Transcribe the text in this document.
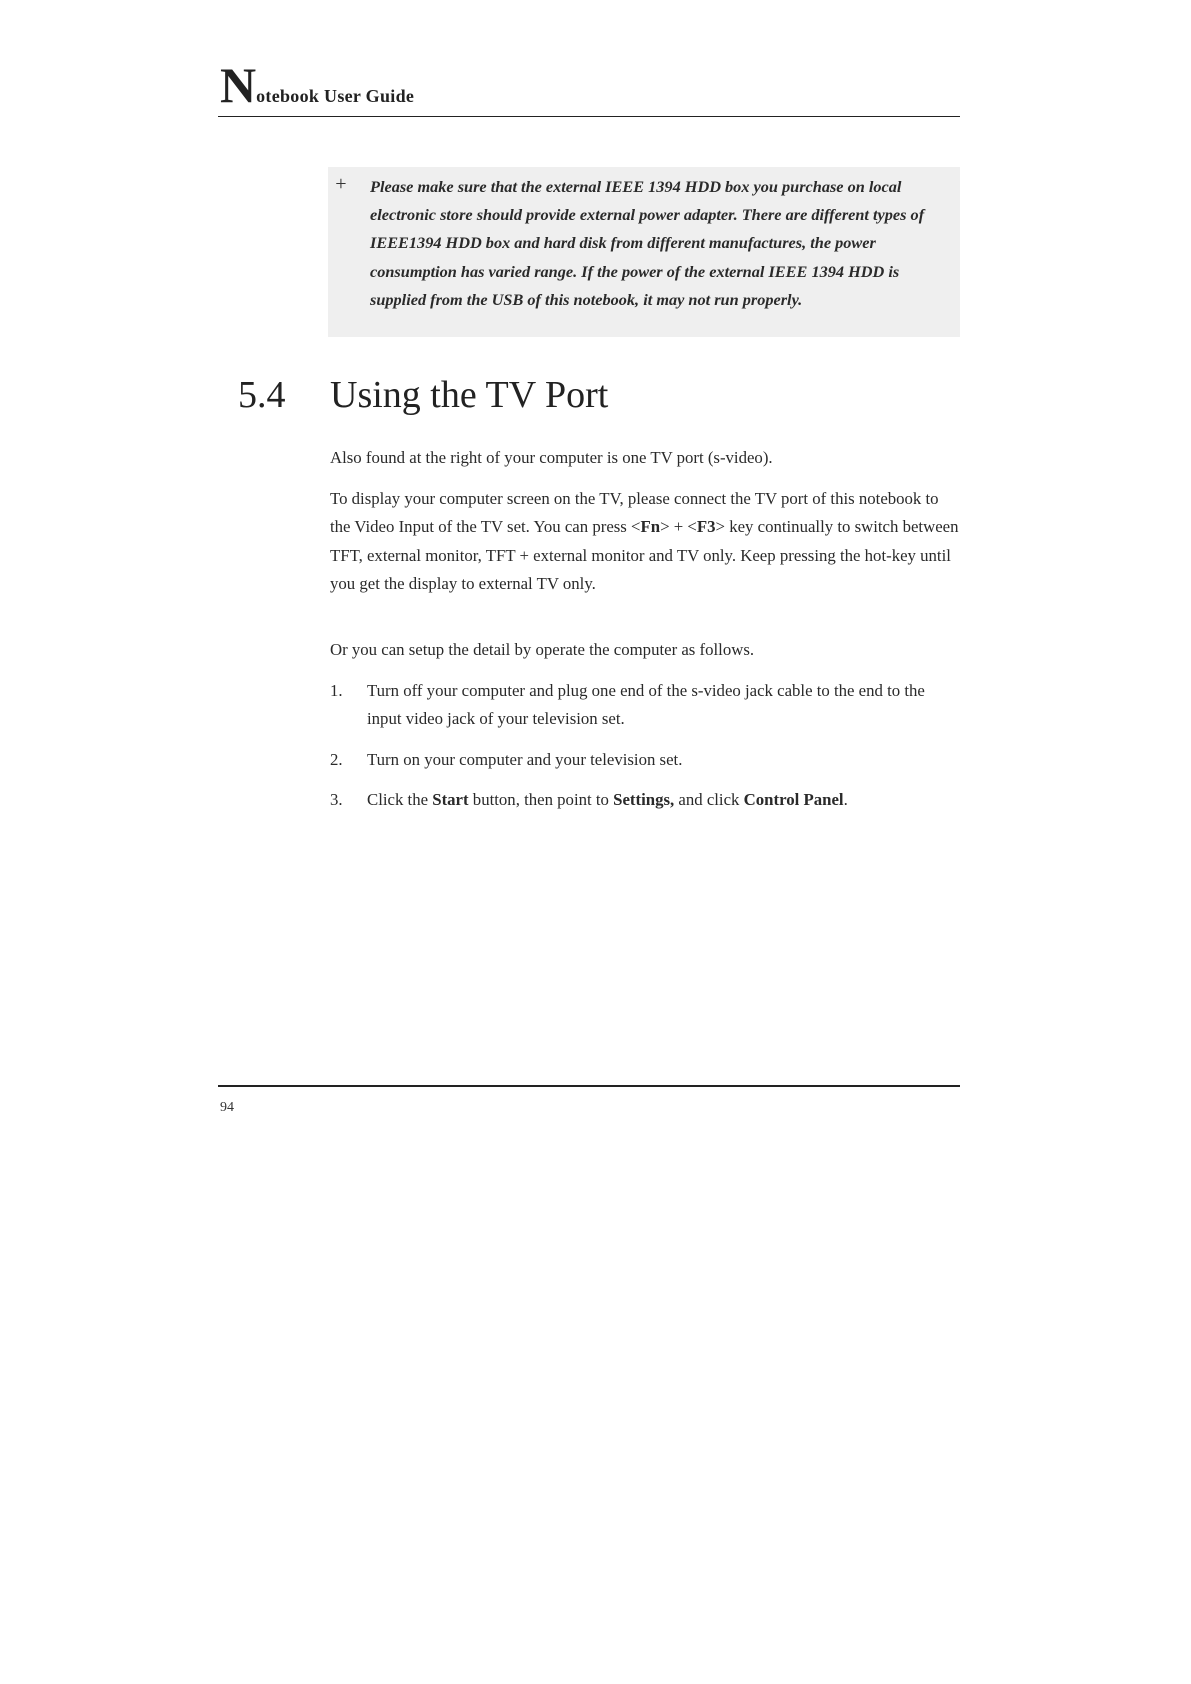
Notebook User Guide
+ Please make sure that the external IEEE 1394 HDD box you purchase on local electronic store should provide external power adapter. There are different types of IEEE1394 HDD box and hard disk from different manufactures, the power consumption has varied range. If the power of the external IEEE 1394 HDD is supplied from the USB of this notebook, it may not run properly.
5.4 Using the TV Port
Also found at the right of your computer is one TV port (s-video).
To display your computer screen on the TV, please connect the TV port of this notebook to the Video Input of the TV set. You can press <Fn> + <F3> key continually to switch between TFT, external monitor, TFT + external monitor and TV only. Keep pressing the hot-key until you get the display to external TV only.
Or you can setup the detail by operate the computer as follows.
1. Turn off your computer and plug one end of the s-video jack cable to the end to the input video jack of your television set.
2. Turn on your computer and your television set.
3. Click the Start button, then point to Settings, and click Control Panel.
94
